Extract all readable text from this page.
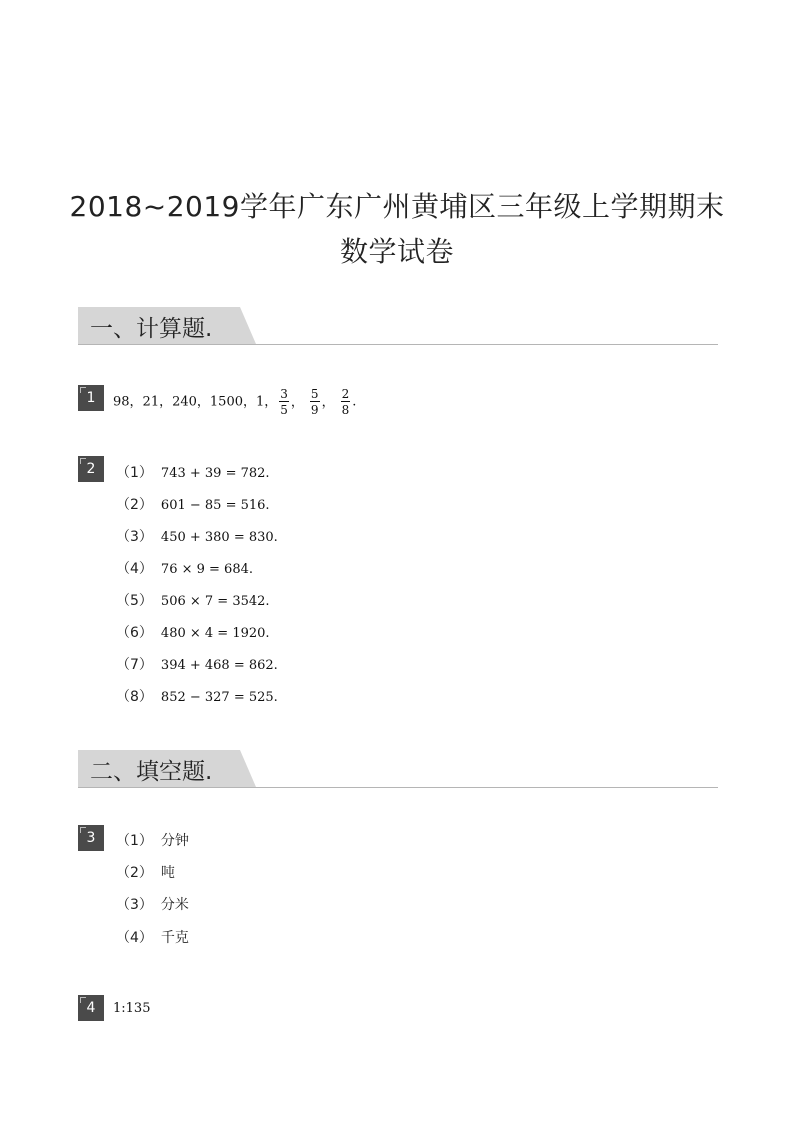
2018~2019学年广东广州黄埔区三年级上学期期末
数学试卷
一、计算题.
1	98，21，240，1500，1， $\frac{3}{5}$ ， $\frac{5}{9}$ ， $\frac{2}{8}$ .
2	（1） 743 + 39 = 782.
（2） 601 − 85 = 516.
（3） 450 + 380 = 830.
（4） 76 × 9 = 684.
（5） 506 × 7 = 3542.
（6） 480 × 4 = 1920.
（7） 394 + 468 = 862.
（8） 852 − 327 = 525.
二、填空题.
3	（1） 分钟
（2） 吨
（3） 分米
（4） 千克
4	1:135
